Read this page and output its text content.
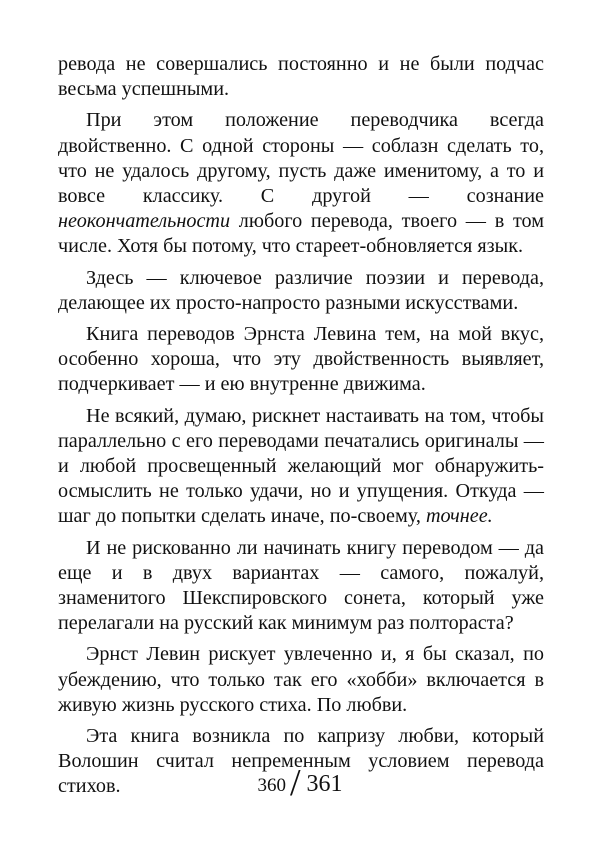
ревода не совершались постоянно и не были подчас весьма успешными.

При этом положение переводчика всегда двойственно. С одной стороны — соблазн сделать то, что не удалось другому, пусть даже именитому, а то и вовсе классику. С другой — сознание неокончательности любого перевода, твоего — в том числе. Хотя бы потому, что стареет-обновляется язык.

Здесь — ключевое различие поэзии и перевода, делающее их просто-напросто разными искусствами.

Книга переводов Эрнста Левина тем, на мой вкус, особенно хороша, что эту двойственность выявляет, подчеркивает — и ею внутренне движима.

Не всякий, думаю, рискнет настаивать на том, чтобы параллельно с его переводами печатались оригиналы — и любой просвещенный желающий мог обнаружить-осмыслить не только удачи, но и упущения. Откуда — шаг до попытки сделать иначе, по-своему, точнее.

И не рискованно ли начинать книгу переводом — да еще и в двух вариантах — самого, пожалуй, знаменитого Шекспировского сонета, который уже перелагали на русский как минимум раз полтораста?

Эрнст Левин рискует увлеченно и, я бы сказал, по убеждению, что только так его «хобби» включается в живую жизнь русского стиха. По любви.

Эта книга возникла по капризу любви, который Волошин считал непременным условием перевода стихов.	360 / 361
